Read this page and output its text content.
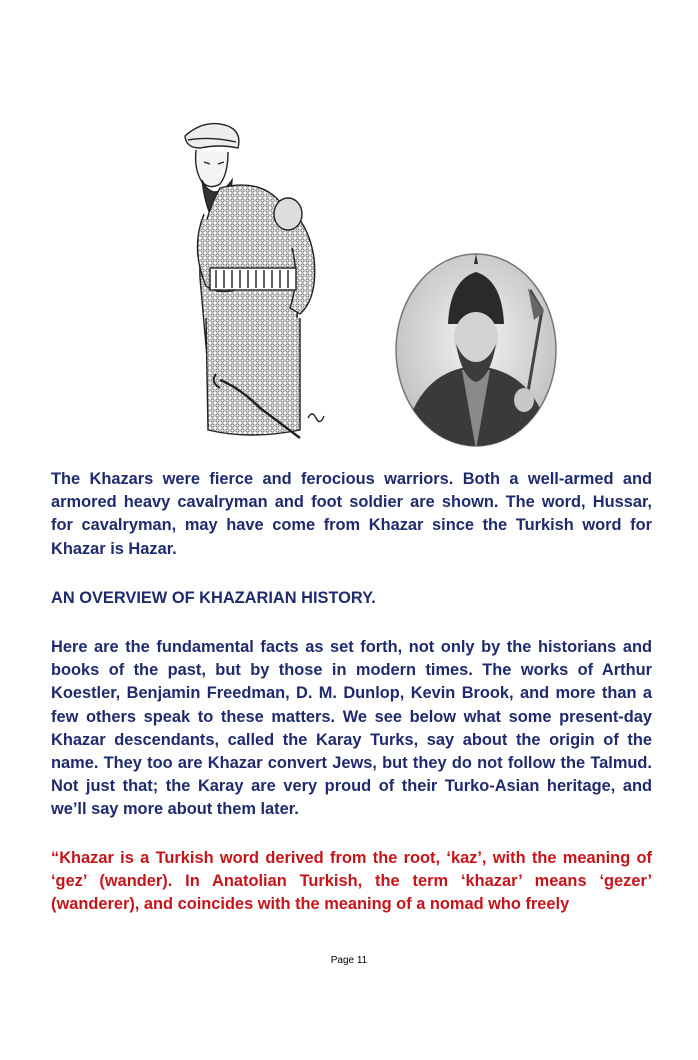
The Khazars were fierce and ferocious warriors. Both a well-armed and armored heavy cavalryman and foot soldier are shown. The word, Hussar, for cavalryman, may have come from Khazar since the Turkish word for Khazar is Hazar.

AN OVERVIEW OF KHAZARIAN HISTORY.

Here are the fundamental facts as set forth, not only by the historians and books of the past, but by those in modern times. The works of Arthur Koestler, Benjamin Freedman, D. M. Dunlop, Kevin Brook, and more than a few others speak to these matters. We see below what some present-day Khazar descendants, called the Karay Turks, say about the origin of the name. They too are Khazar convert Jews, but they do not follow the Talmud. Not just that; the Karay are very proud of their Turko-Asian heritage, and we’ll say more about them later.

“Khazar is a Turkish word derived from the root, ‘kaz’, with the meaning of ‘gez’ (wander). In Anatolian Turkish, the term ‘khazar’ means ‘gezer’ (wanderer), and coincides with the meaning of a nomad who freely

Page 11
